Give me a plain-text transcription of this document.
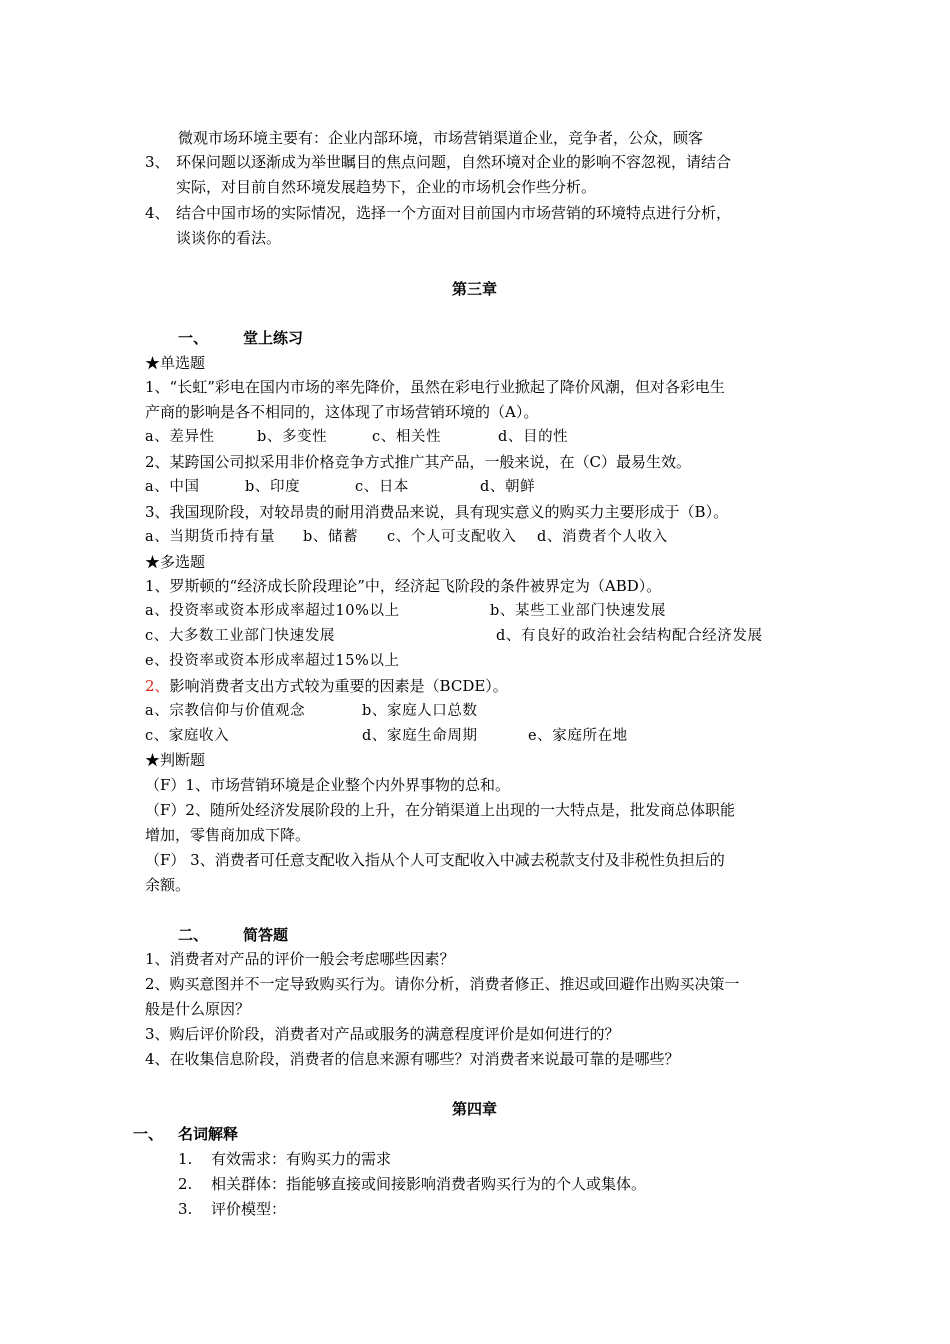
微观市场环境主要有：企业内部环境，市场营销渠道企业，竞争者，公众，顾客
3、 环保问题以逐渐成为举世瞩目的焦点问题，自然环境对企业的影响不容忽视，请结合
实际，对目前自然环境发展趋势下，企业的市场机会作些分析。
4、 结合中国市场的实际情况，选择一个方面对目前国内市场营销的环境特点进行分析，
谈谈你的看法。
第三章
一、 堂上练习
★单选题
1、“长虹”彩电在国内市场的率先降价，虽然在彩电行业掀起了降价风潮，但对各彩电生
产商的影响是各不相同的，这体现了市场营销环境的（A）。
a、差异性	b、多变性	c、相关性	d、目的性
2、某跨国公司拟采用非价格竞争方式推广其产品，一般来说，在（C）最易生效。
a、中国	b、印度	c、日本	d、朝鲜
3、我国现阶段，对较昂贵的耐用消费品来说，具有现实意义的购买力主要形成于（B）。
a、当期货币持有量 b、储蓄 c、个人可支配收入 d、消费者个人收入
★多选题
1、罗斯顿的“经济成长阶段理论”中，经济起飞阶段的条件被界定为（ABD）。
a、投资率或资本形成率超过10%以上	b、某些工业部门快速发展
c、大多数工业部门快速发展	d、有良好的政治社会结构配合经济发展
e、投资率或资本形成率超过15%以上
2、影响消费者支出方式较为重要的因素是（BCDE）。
a、宗教信仰与价值观念	b、家庭人口总数
c、家庭收入	d、家庭生命周期	e、家庭所在地
★判断题
（F）1、市场营销环境是企业整个内外界事物的总和。
（F）2、随所处经济发展阶段的上升，在分销渠道上出现的一大特点是，批发商总体职能
增加，零售商加成下降。
（F） 3、消费者可任意支配收入指从个人可支配收入中减去税款支付及非税性负担后的
余额。
二、 简答题
1、消费者对产品的评价一般会考虑哪些因素？
2、购买意图并不一定导致购买行为。请你分析，消费者修正、推迟或回避作出购买决策一
般是什么原因？
3、购后评价阶段，消费者对产品或服务的满意程度评价是如何进行的？
4、在收集信息阶段，消费者的信息来源有哪些？对消费者来说最可靠的是哪些？
第四章
一、 名词解释
1. 有效需求：有购买力的需求
2. 相关群体：指能够直接或间接影响消费者购买行为的个人或集体。
3. 评价模型：
